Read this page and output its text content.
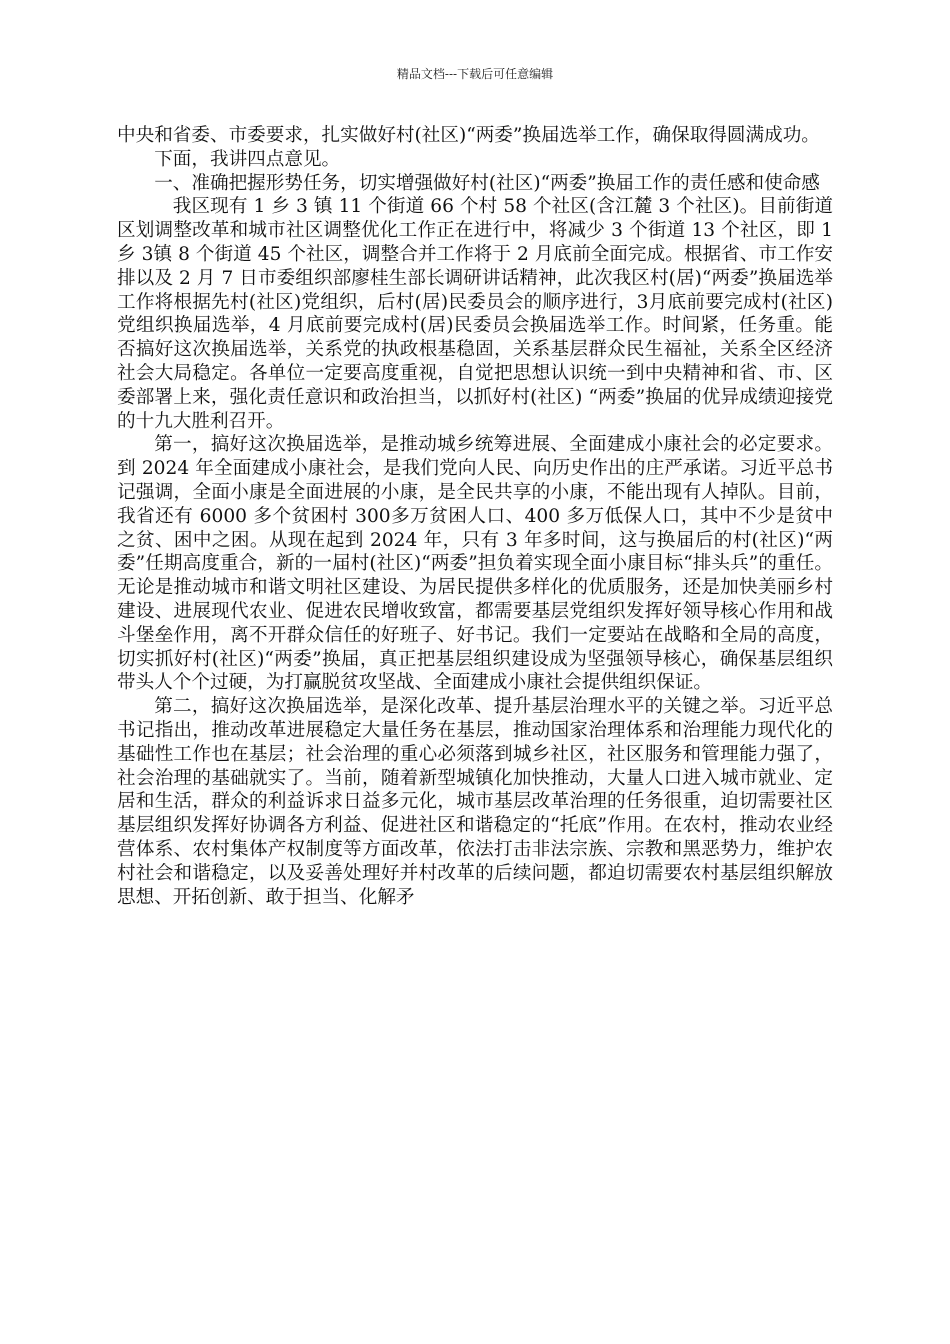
精品文档---下载后可任意编辑

中央和省委、市委要求，扎实做好村(社区)“两委”换届选举工作，确保取得圆满成功。

下面，我讲四点意见。

一、准确把握形势任务，切实增强做好村(社区)“两委”换届工作的责任感和使命感

我区现有 1 乡 3 镇 11 个街道 66 个村 58 个社区(含江麓 3 个社区)。目前街道区划调整改革和城市社区调整优化工作正在进行中，将减少 3 个街道 13 个社区，即 1 乡 3镇 8 个街道 45 个社区，调整合并工作将于 2 月底前全面完成。根据省、市工作安排以及 2 月 7 日市委组织部廖桂生部长调研讲话精神，此次我区村(居)“两委”换届选举工作将根据先村(社区)党组织，后村(居)民委员会的顺序进行，3月底前要完成村(社区)党组织换届选举，4 月底前要完成村(居)民委员会换届选举工作。时间紧，任务重。能否搞好这次换届选举，关系党的执政根基稳固，关系基层群众民生福祉，关系全区经济社会大局稳定。各单位一定要高度重视，自觉把思想认识统一到中央精神和省、市、区委部署上来，强化责任意识和政治担当，以抓好村(社区) “两委”换届的优异成绩迎接党的十九大胜利召开。

第一，搞好这次换届选举，是推动城乡统筹进展、全面建成小康社会的必定要求。到 2024 年全面建成小康社会，是我们党向人民、向历史作出的庄严承诺。习近平总书记强调，全面小康是全面进展的小康，是全民共享的小康，不能出现有人掉队。目前，我省还有 6000 多个贫困村 300多万贫困人口、400 多万低保人口，其中不少是贫中之贫、困中之困。从现在起到 2024 年，只有 3 年多时间，这与换届后的村(社区)“两委”任期高度重合，新的一届村(社区)“两委”担负着实现全面小康目标“排头兵”的重任。无论是推动城市和谐文明社区建设、为居民提供多样化的优质服务，还是加快美丽乡村建设、进展现代农业、促进农民增收致富，都需要基层党组织发挥好领导核心作用和战斗堡垒作用，离不开群众信任的好班子、好书记。我们一定要站在战略和全局的高度，切实抓好村(社区)“两委”换届，真正把基层组织建设成为坚强领导核心，确保基层组织带头人个个过硬，为打赢脱贫攻坚战、全面建成小康社会提供组织保证。

第二，搞好这次换届选举，是深化改革、提升基层治理水平的关键之举。习近平总书记指出，推动改革进展稳定大量任务在基层，推动国家治理体系和治理能力现代化的基础性工作也在基层；社会治理的重心必须落到城乡社区，社区服务和管理能力强了，社会治理的基础就实了。当前，随着新型城镇化加快推动，大量人口进入城市就业、定居和生活，群众的利益诉求日益多元化，城市基层改革治理的任务很重，迫切需要社区基层组织发挥好协调各方利益、促进社区和谐稳定的“托底”作用。在农村，推动农业经营体系、农村集体产权制度等方面改革，依法打击非法宗族、宗教和黑恶势力，维护农村社会和谐稳定，以及妥善处理好并村改革的后续问题，都迫切需要农村基层组织解放思想、开拓创新、敢于担当、化解矛
